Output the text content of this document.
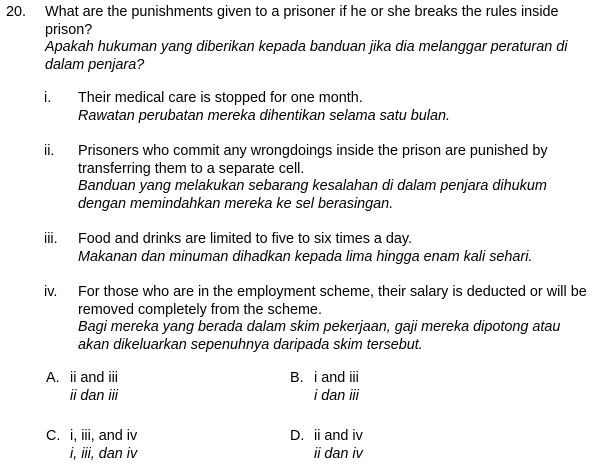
20. What are the punishments given to a prisoner if he or she breaks the rules inside prison?
Apakah hukuman yang diberikan kepada banduan jika dia melanggar peraturan di dalam penjara?
i. Their medical care is stopped for one month.
Rawatan perubatan mereka dihentikan selama satu bulan.
ii. Prisoners who commit any wrongdoings inside the prison are punished by transferring them to a separate cell.
Banduan yang melakukan sebarang kesalahan di dalam penjara dihukum dengan memindahkan mereka ke sel berasingan.
iii. Food and drinks are limited to five to six times a day.
Makanan dan minuman dihadkan kepada lima hingga enam kali sehari.
iv. For those who are in the employment scheme, their salary is deducted or will be removed completely from the scheme.
Bagi mereka yang berada dalam skim pekerjaan, gaji mereka dipotong atau akan dikeluarkan sepenuhnya daripada skim tersebut.
A. ii and iii
ii dan iii
B. i and iii
i dan iii
C. i, iii, and iv
i, iii, dan iv
D. ii and iv
ii dan iv
